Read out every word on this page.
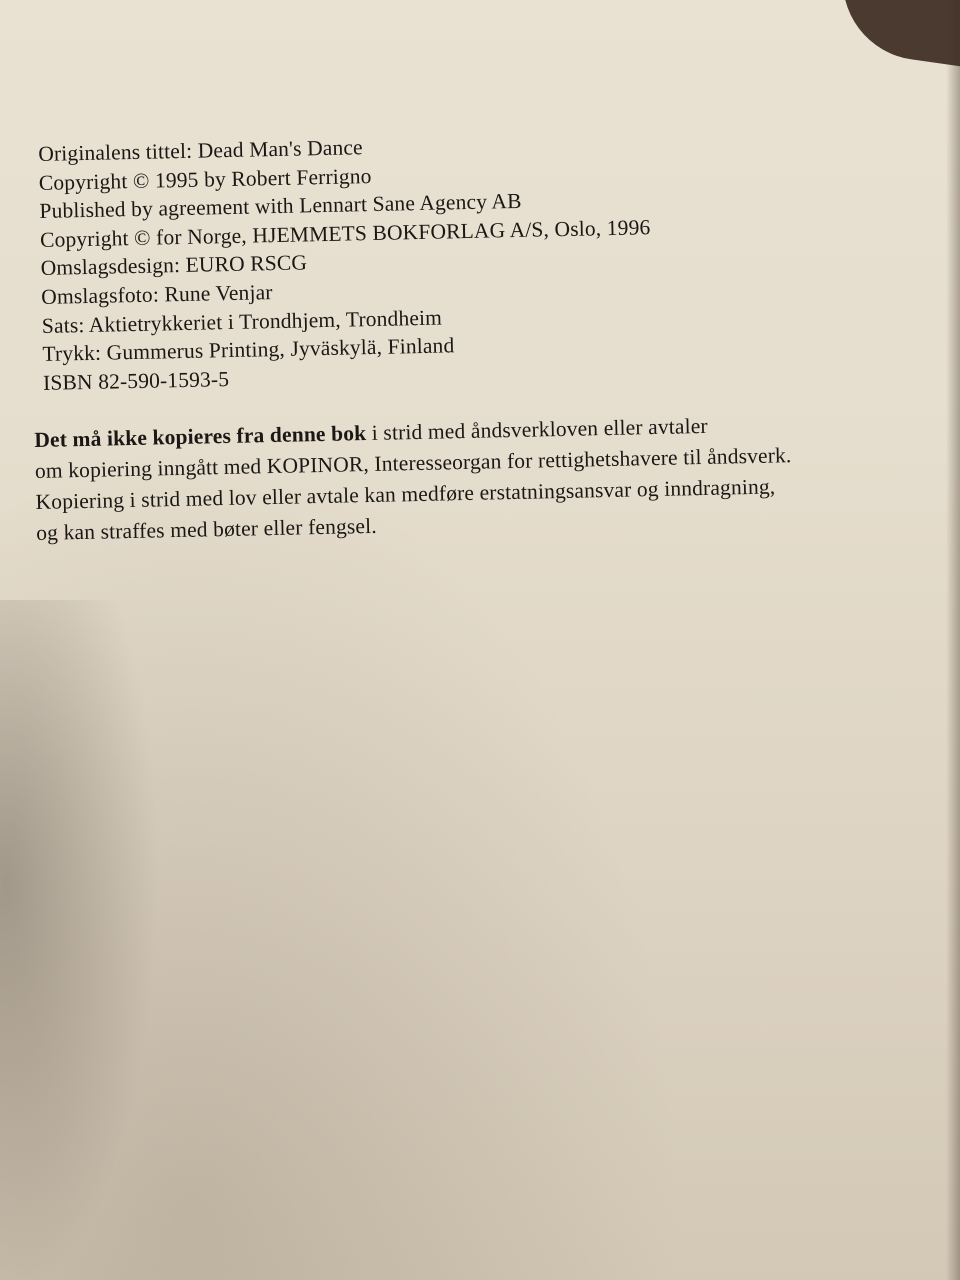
Originalens tittel: Dead Man's Dance
Copyright © 1995 by Robert Ferrigno
Published by agreement with Lennart Sane Agency AB
Copyright © for Norge, HJEMMETS BOKFORLAG A/S, Oslo, 1996
Omslagsdesign: EURO RSCG
Omslagsfoto: Rune Venjar
Sats: Aktietrykkeriet i Trondhjem, Trondheim
Trykk: Gummerus Printing, Jyväskylä, Finland
ISBN 82-590-1593-5
Det må ikke kopieres fra denne bok i strid med åndsverkloven eller avtaler
om kopiering inngått med KOPINOR, Interesseorgan for rettighetshavere til åndsverk.
Kopiering i strid med lov eller avtale kan medføre erstatningsansvar og inndragning,
og kan straffes med bøter eller fengsel.
